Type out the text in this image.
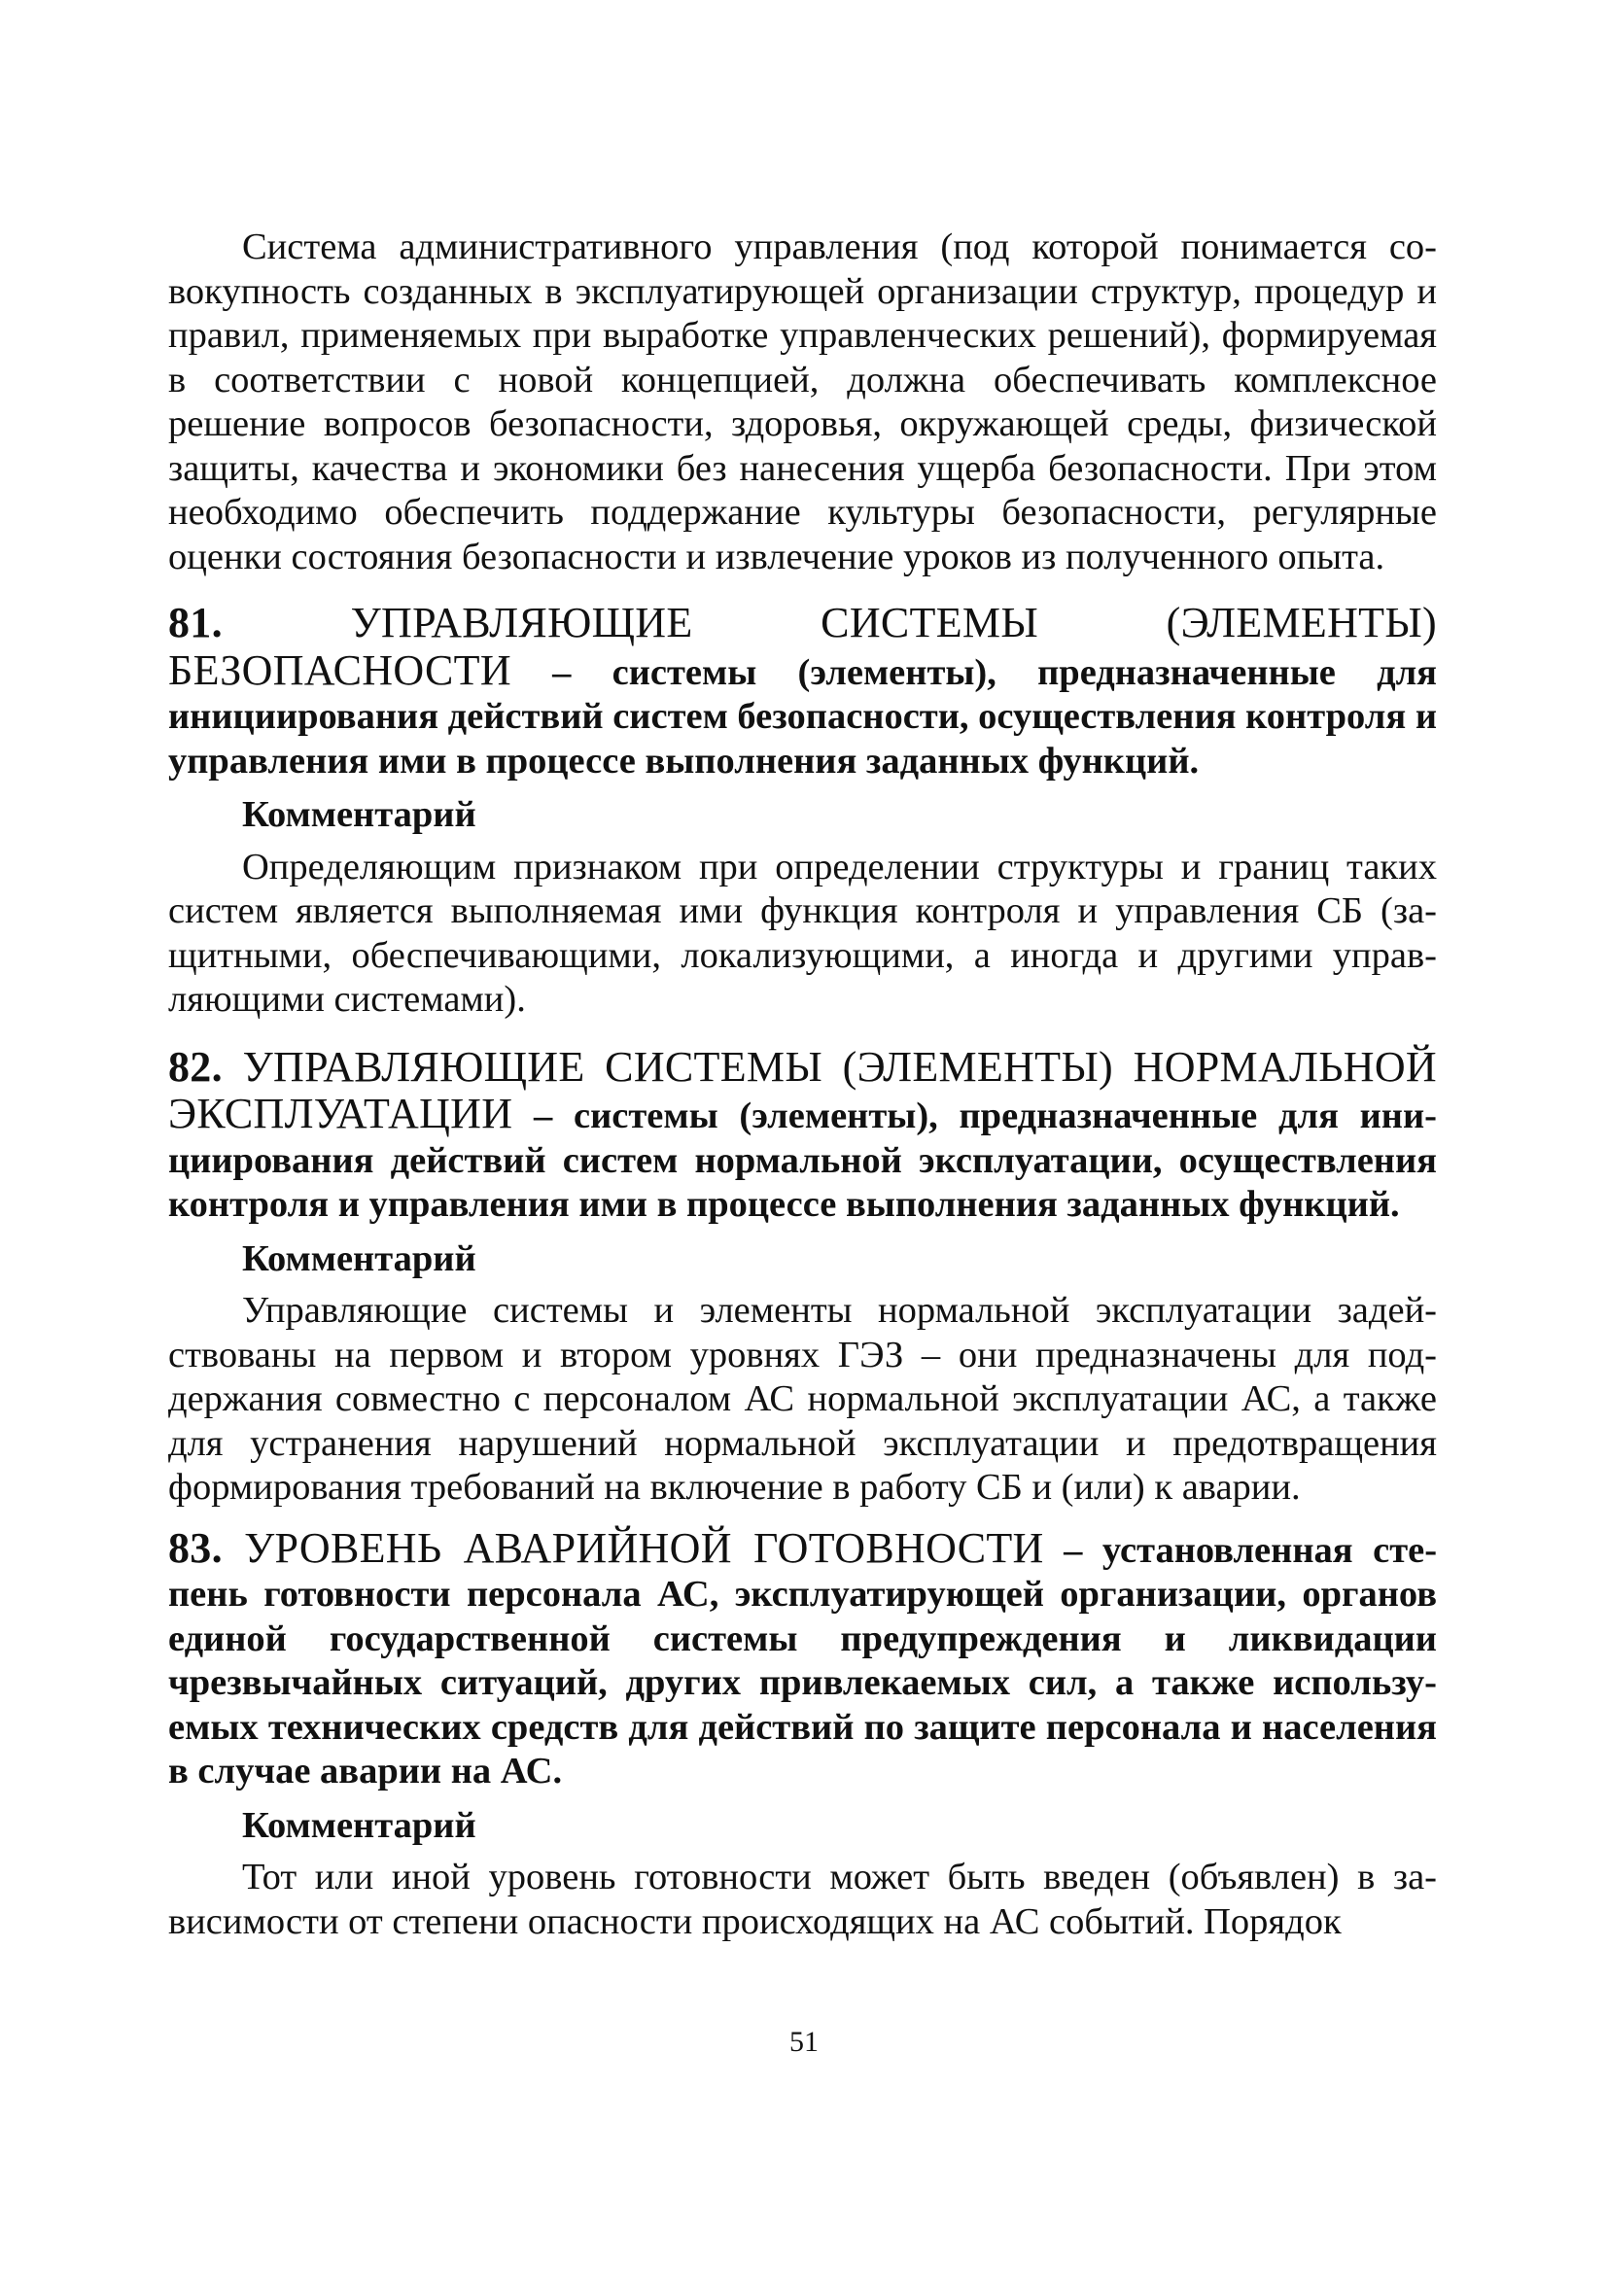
Система административного управления (под которой понимается совокупность созданных в эксплуатирующей организации структур, процедур и правил, применяемых при выработке управленческих решений), формируемая в соответствии с новой концепцией, должна обеспечивать комплексное решение вопросов безопасности, здоровья, окружающей среды, физической защиты, качества и экономики без нанесения ущерба безопасности. При этом необходимо обеспечить поддержание культуры безопасности, регулярные оценки состояния безопасности и извлечение уроков из полученного опыта.

81.	УПРАВЛЯЮЩИЕ СИСТЕМЫ (ЭЛЕМЕНТЫ) БЕЗОПАСНОСТИ – системы (элементы), предназначенные для инициирования действий систем безопасности, осуществления контроля и управления ими в процессе выполнения заданных функций.

Комментарий

Определяющим признаком при определении структуры и границ таких систем является выполняемая ими функция контроля и управления СБ (защитными, обеспечивающими, локализующими, а иногда и другими управляющими системами).

82. УПРАВЛЯЮЩИЕ СИСТЕМЫ (ЭЛЕМЕНТЫ) НОРМАЛЬНОЙ ЭКСПЛУАТАЦИИ – системы (элементы), предназначенные для инициирования действий систем нормальной эксплуатации, осуществления контроля и управления ими в процессе выполнения заданных функций.

Комментарий

Управляющие системы и элементы нормальной эксплуатации задействованы на первом и втором уровнях ГЭЗ – они предназначены для поддержания совместно с персоналом АС нормальной эксплуатации АС, а также для устранения нарушений нормальной эксплуатации и предотвращения формирования требований на включение в работу СБ и (или) к аварии.

83. УРОВЕНЬ АВАРИЙНОЙ ГОТОВНОСТИ – установленная степень готовности персонала АС, эксплуатирующей организации, органов единой государственной системы предупреждения и ликвидации чрезвычайных ситуаций, других привлекаемых сил, а также используемых технических средств для действий по защите персонала и населения в случае аварии на АС.

Комментарий

Тот или иной уровень готовности может быть введен (объявлен) в зависимости от степени опасности происходящих на АС событий. Порядок

51
